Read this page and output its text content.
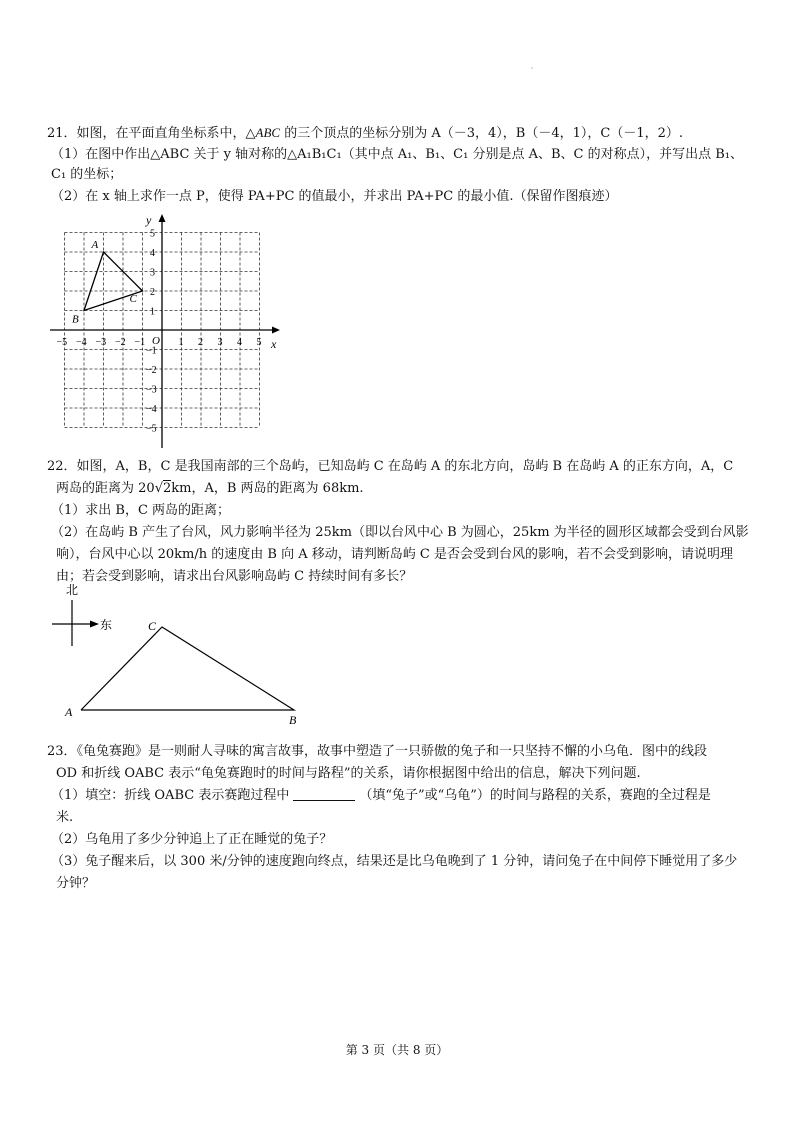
21．如图，在平面直角坐标系中，△ABC 的三个顶点的坐标分别为 A（－3，4），B（－4，1），C（－1，2）.
（1）在图中作出△ABC 关于 y 轴对称的△A₁B₁C₁（其中点 A₁、B₁、C₁ 分别是点 A、B、C 的对称点），并写出点 B₁、
C₁ 的坐标；
（2）在 x 轴上求作一点 P，使得 PA+PC 的值最小，并求出 PA+PC 的最小值.（保留作图痕迹）
x
y
O
−5 −4 −3 −2 −1	1 2 3 4 5
5
4
3
2
1
−1
−2
−3
−4
−5
A
B
C
22．如图，A，B，C 是我国南部的三个岛屿，已知岛屿 C 在岛屿 A 的东北方向，岛屿 B 在岛屿 A 的正东方向，A，C
两岛的距离为 20√2km，A，B 两岛的距离为 68km.
（1）求出 B，C 两岛的距离；
（2）在岛屿 B 产生了台风，风力影响半径为 25km（即以台风中心 B 为圆心，25km 为半径的圆形区域都会受到台风影
响），台风中心以 20km/h 的速度由 B 向 A 移动，请判断岛屿 C 是否会受到台风的影响，若不会受到影响，请说明理
由；若会受到影响，请求出台风影响岛屿 C 持续时间有多长？
北
东
A
C
B
23．《龟兔赛跑》是一则耐人寻味的寓言故事，故事中塑造了一只骄傲的兔子和一只坚持不懈的小乌龟．图中的线段
OD 和折线 OABC 表示“龟兔赛跑时的时间与路程”的关系，请你根据图中给出的信息，解决下列问题.
（1）填空：折线 OABC 表示赛跑过程中	（填“兔子”或“乌龟”）的时间与路程的关系，赛跑的全过程是
米.
（2）乌龟用了多少分钟追上了正在睡觉的兔子？
（3）兔子醒来后，以 300 米/分钟的速度跑向终点，结果还是比乌龟晚到了 1 分钟，请问兔子在中间停下睡觉用了多少
分钟？
第 3 页（共 8 页）
